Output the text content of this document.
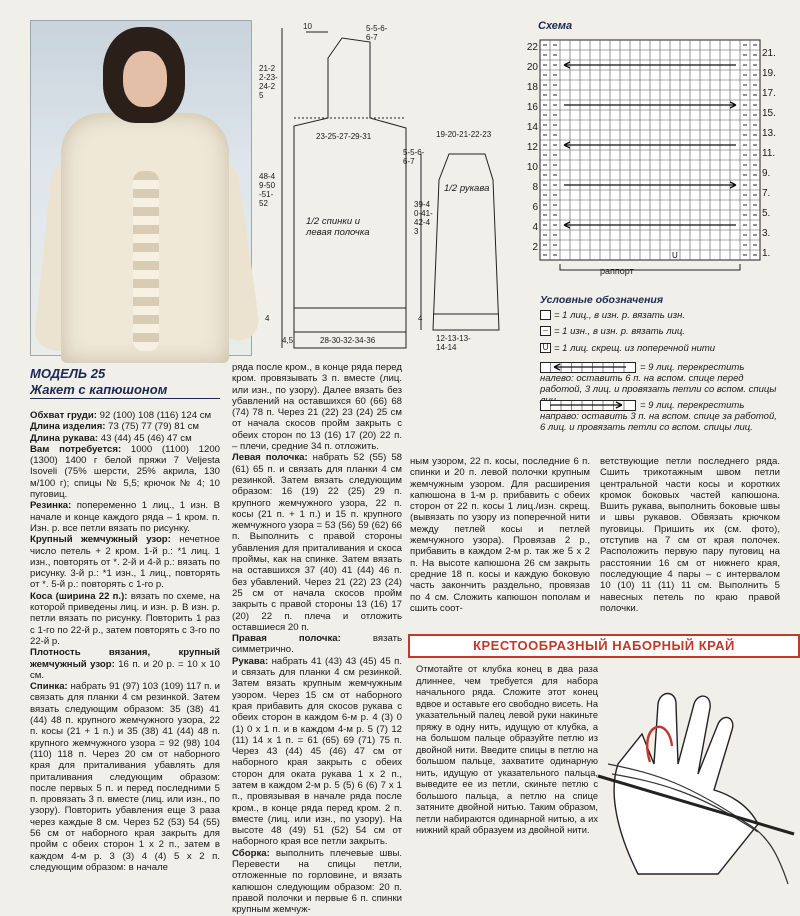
10	5-5-6-6-7
21-22-23-24-25
23-25-27-29-31
48-49-50-51-52
1/2 спинки и левая полочка
4
4,5	28-30-32-34-36
19-20-21-22-23
5-5-6-6-7
1/2 рукава
39-40-41-42-43
4
12-13-13-14-14
Схема
U
22
20
18
16
14
12
10
8
6
4
2
21.
19.
17.
15.
13.
11.
9.
7.
5.
3.
1.
раппорт
Условные обозначения
= 1 лиц., в изн. р. вязать изн.
– = 1 изн., в изн. р. вязать лиц.
U = 1 лиц. скрещ. из поперечной нити
= 9 лиц. перекрестить налево: оставить 6 п. на вспом. спице перед работой, 3 лиц. и провязать петли со вспом. спицы
= 9 лиц. перекрестить направо: оставить 3 п. на вспом. спице за работой, 6 лиц. и провязать петли со вспом. спицы лиц.
МОДЕЛЬ 25
Жакет с капюшоном
Обхват груди: 92 (100) 108 (116) 124 см
Длина изделия: 73 (75) 77 (79) 81 см
Длина рукава: 43 (44) 45 (46) 47 см
Вам потребуется: 1000 (1100) 1200 (1300) 1400 г белой пряжи 7 Veljesta Isoveli (75% шерсти, 25% акрила, 130 м/100 г); спицы № 5,5; крючок № 4; 10 пуговиц.
Резинка: попеременно 1 лиц., 1 изн. В начале и конце каждого ряда – 1 кром. п. Изн. р. все петли вязать по рисунку.
Крупный жемчужный узор: нечетное число петель + 2 кром. 1-й р.: *1 лиц. 1 изн., повторять от *. 2-й и 4-й р.: вязать по рисунку. 3-й р.: *1 изн., 1 лиц., повторять от *. 5-й р.: повторять с 1-го р.
Коса (ширина 22 п.): вязать по схеме, на которой приведены лиц. и изн. р. В изн. р. петли вязать по рисунку. Повторить 1 раз с 1-го по 22-й р., затем повторять с 3-го по 22-й р.
Плотность вязания, крупный жемчужный узор: 16 п. и 20 р. = 10 х 10 см.
Спинка: набрать 91 (97) 103 (109) 117 п. и связать для планки 4 см резинкой. Затем вязать следующим образом: 35 (38) 41 (44) 48 п. крупного жемчужного узора, 22 п. косы (21 + 1 п.) и 35 (38) 41 (44) 48 п. крупного жемчужного узора = 92 (98) 104 (110) 118 п. Через 20 см от наборного края для приталивания убавлять для приталивания следующим образом: после первых 5 п. и перед последними 5 п. провязать 3 п. вместе (лиц. или изн., по узору). Повторить убавления еще 3 раза через каждые 8 см. Через 52 (53) 54 (55) 56 см от наборного края закрыть для пройм с обеих сторон 1 х 2 п., затем в каждом 4-м р. 3 (3) 4 (4) 5 х 2 п. следующим образом: в начале
ряда после кром., в конце ряда перед кром. провязывать 3 п. вместе (лиц. или изн., по узору). Далее вязать без убавлений на оставшихся 60 (66) 68 (74) 78 п. Через 21 (22) 23 (24) 25 см от начала скосов пройм закрыть с обеих сторон по 13 (16) 17 (20) 22 п. – плечи, средние 34 п. отложить.
Левая полочка: набрать 52 (55) 58 (61) 65 п. и связать для планки 4 см резинкой. Затем вязать следующим образом: 16 (19) 22 (25) 29 п. крупного жемчужного узора, 22 п. косы (21 п. + 1 п.) и 15 п. крупного жемчужного узора = 53 (56) 59 (62) 66 п. Выполнить с правой стороны убавления для приталивания и скоса проймы, как на спинке. Затем вязать на оставшихся 37 (40) 41 (44) 46 п. без убавлений. Через 21 (22) 23 (24) 25 см от начала скосов пройм закрыть с правой стороны 13 (16) 17 (20) 22 п. плеча и отложить оставшиеся 20 п.
Правая полочка: вязать симметрично.
Рукава: набрать 41 (43) 43 (45) 45 п. и связать для планки 4 см резинкой. Затем вязать крупным жемчужным узором. Через 15 см от наборного края прибавить для скосов рукава с обеих сторон в каждом 6-м р. 4 (3) 0 (1) 0 х 1 п. и в каждом 4-м р. 5 (7) 12 (11) 14 х 1 п. = 61 (65) 69 (71) 75 п. Через 43 (44) 45 (46) 47 см от наборного края закрыть с обеих сторон для оката рукава 1 х 2 п., затем в каждом 2-м р. 5 (5) 6 (6) 7 х 1 п., провязывая в начале ряда после кром., в конце ряда перед кром. 2 п. вместе (лиц. или изн., по узору). На высоте 48 (49) 51 (52) 54 см от наборного края все петли закрыть.
Сборка: выполнить плечевые швы. Перевести на спицы петли, отложенные по горловине, и вязать капюшон следующим образом: 20 п. правой полочки и первые 6 п. спинки крупным жемчуж-
ным узором, 22 п. косы, последние 6 п. спинки и 20 п. левой полочки крупным жемчужным узором. Для расширения капюшона в 1-м р. прибавить с обеих сторон от 22 п. косы 1 лиц./изн. скрещ. (вывязать по узору из поперечной нити между петлей косы и петлей жемчужного узора). Провязав 2 р., прибавить в каждом 2-м р. так же 5 х 2 п. На высоте капюшона 26 см закрыть средние 18 п. косы и каждую боковую часть закончить раздельно, провязав по 4 см. Сложить капюшон пополам и сшить соот-
ветствующие петли последнего ряда. Сшить трикотажным швом петли центральной части косы и коротких кромок боковых частей капюшона. Вшить рукава, выполнить боковые швы и швы рукавов. Обвязать крючком пуговицы. Пришить их (см. фото), отступив на 7 см от края полочек. Расположить первую пару пуговиц на расстоянии 16 см от нижнего края, последующие 4 пары – с интервалом 10 (10) 11 (11) 11 см. Выполнить 5 навесных петель по краю правой полочки.
КРЕСТООБРАЗНЫЙ НАБОРНЫЙ КРАЙ
Отмотайте от клубка конец в два раза длиннее, чем требуется для набора начального ряда. Сложите этот конец вдвое и оставьте его свободно висеть. На указательный палец левой руки накиньте пряжу в одну нить, идущую от клубка, а на большом пальце образуйте петлю из двойной нити. Введите спицы в петлю на большом пальце, захватите одинарную нить, идущую от указательного пальца, выведите ее из петли, скиньте петлю с большого пальца, а петлю на спице затяните двойной нитью. Таким образом, петли набираются одинарной нитью, а их нижний край образуем из двойной нити.
